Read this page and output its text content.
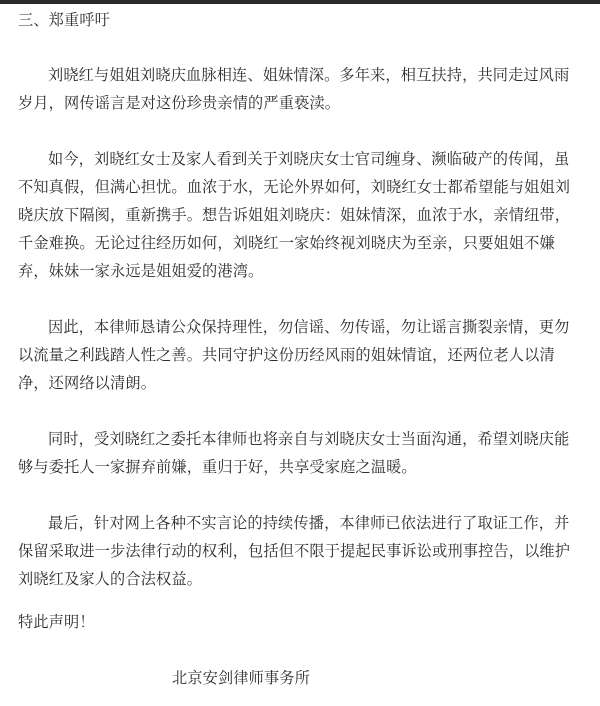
三、郑重呼吁

刘晓红与姐姐刘晓庆血脉相连、姐妹情深。多年来，相互扶持，共同走过风雨

岁月，网传谣言是对这份珍贵亲情的严重亵渎。

如今，刘晓红女士及家人看到关于刘晓庆女士官司缠身、濒临破产的传闻，虽

不知真假，但满心担忧。血浓于水，无论外界如何，刘晓红女士都希望能与姐姐刘

晓庆放下隔阂，重新携手。想告诉姐姐刘晓庆：姐妹情深，血浓于水，亲情纽带，

千金难换。无论过往经历如何，刘晓红一家始终视刘晓庆为至亲，只要姐姐不嫌

弃，妹妹一家永远是姐姐爱的港湾。

因此，本律师恳请公众保持理性，勿信谣、勿传谣，勿让谣言撕裂亲情，更勿

以流量之利践踏人性之善。共同守护这份历经风雨的姐妹情谊，还两位老人以清

净，还网络以清朗。

同时，受刘晓红之委托本律师也将亲自与刘晓庆女士当面沟通，希望刘晓庆能

够与委托人一家摒弃前嫌，重归于好，共享受家庭之温暖。

最后，针对网上各种不实言论的持续传播，本律师已依法进行了取证工作，并

保留采取进一步法律行动的权利，包括但不限于提起民事诉讼或刑事控告，以维护

刘晓红及家人的合法权益。

特此声明！

北京安剑律师事务所
